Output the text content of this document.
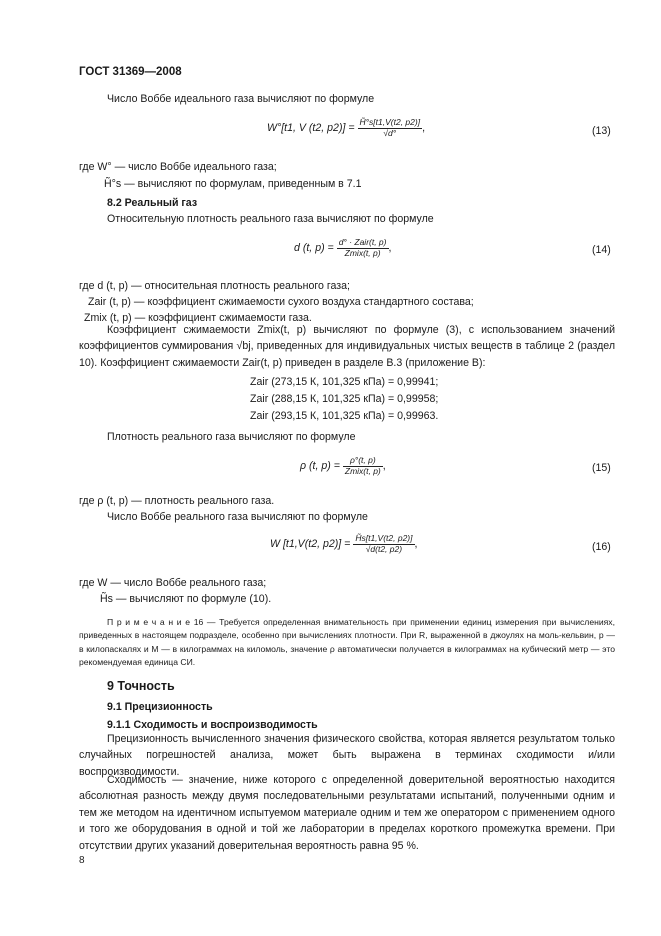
ГОСТ 31369—2008
Число Воббе идеального газа вычисляют по формуле
W°[t1, V (t2, $p2)] = \frac{H̃^\circ s[t1,V(t2, p2)]}{√d^\circ}$ ,	(13)
где W° — число Воббе идеального газа;
H̃°s — вычисляют по формулам, приведенным в 7.1
8.2 Реальный газ
Относительную плотность реального газа вычисляют по формуле
d (t, $p) = \frac{\text{d° · Zair(t, p)}}{\text{Zmix(t, p)}}$ ,	(14)
где d (t, p) — относительная плотность реального газа;
Zair (t, p) — коэффициент сжимаемости сухого воздуха стандартного состава;
Zmix (t, p) — коэффициент сжимаемости газа.
Коэффициент сжимаемости Zmix(t, p) вычисляют по формуле (3), с использованием значений коэффициентов суммирования √bj, приведенных для индивидуальных чистых веществ в таблице 2 (раздел 10). Коэффициент сжимаемости Zair(t, p) приведен в разделе В.3 (приложение В):
Zair (273,15 К, 101,325 кПа) = 0,99941;
Zair (288,15 К, 101,325 кПа) = 0,99958;
Zair (293,15 К, 101,325 кПа) = 0,99963.
Плотность реального газа вычисляют по формуле
ρ (t, $p) = \frac{\rho^\circ(t, p)}{\text{Zmix(t, p)}}$ ,	(15)
где ρ (t, p) — плотность реального газа.
Число Воббе реального газа вычисляют по формуле
W [t1,V(t2, $p2)] = \frac{H̃s[t1,V(t2, p2)]}{√d(t2, p2)}$ ,	(16)
где W — число Воббе реального газа;
H̃s — вычисляют по формуле (10).
П р и м е ч а н и е 16 — Требуется определенная внимательность при применении единиц измерения при вычислениях, приведенных в настоящем подразделе, особенно при вычислениях плотности. При R, выраженной в джоулях на моль-кельвин, p — в килопаскалях и M — в килограммах на киломоль, значение ρ автоматически получается в килограммах на кубический метр — это рекомендуемая единица СИ.
9 Точность
9.1 Прецизионность
9.1.1 Сходимость и воспроизводимость
Прецизионность вычисленного значения физического свойства, которая является результатом только случайных погрешностей анализа, может быть выражена в терминах сходимости и/или воспроизводимости.
Сходимость — значение, ниже которого с определенной доверительной вероятностью находится абсолютная разность между двумя последовательными результатами испытаний, полученными одним и тем же методом на идентичном испытуемом материале одним и тем же оператором с применением одного и того же оборудования в одной и той же лаборатории в пределах короткого промежутка времени. При отсутствии других указаний доверительная вероятность равна 95 %.
8
